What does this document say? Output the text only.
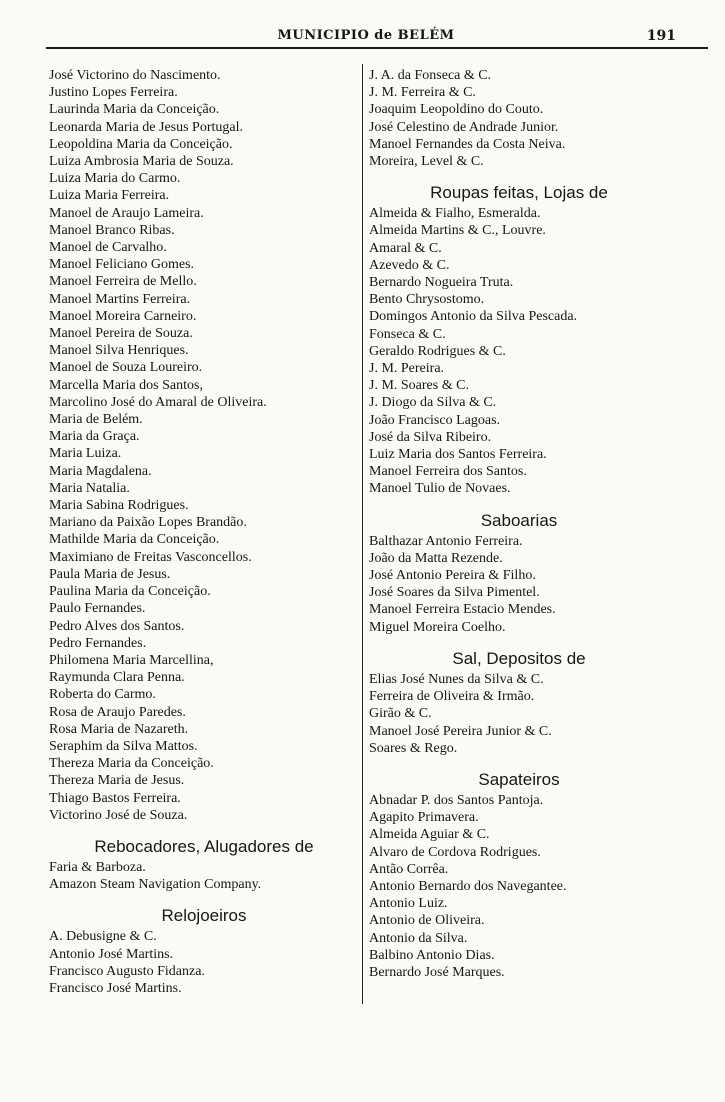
MUNICIPIO de BELÉM	191
José Victorino do Nascimento.
Justino Lopes Ferreira.
Laurinda Maria da Conceição.
Leonarda Maria de Jesus Portugal.
Leopoldina Maria da Conceição.
Luiza Ambrosia Maria de Souza.
Luiza Maria do Carmo.
Luiza Maria Ferreira.
Manoel de Araujo Lameira.
Manoel Branco Ribas.
Manoel de Carvalho.
Manoel Feliciano Gomes.
Manoel Ferreira de Mello.
Manoel Martins Ferreira.
Manoel Moreira Carneiro.
Manoel Pereira de Souza.
Manoel Silva Henriques.
Manoel de Souza Loureiro.
Marcella Maria dos Santos,
Marcolino José do Amaral de Oliveira.
Maria de Belém.
Maria da Graça.
Maria Luiza.
Maria Magdalena.
Maria Natalia.
Maria Sabina Rodrigues.
Mariano da Paixão Lopes Brandão.
Mathilde Maria da Conceição.
Maximiano de Freitas Vasconcellos.
Paula Maria de Jesus.
Paulina Maria da Conceição.
Paulo Fernandes.
Pedro Alves dos Santos.
Pedro Fernandes.
Philomena Maria Marcellina,
Raymunda Clara Penna.
Roberta do Carmo.
Rosa de Araujo Paredes.
Rosa Maria de Nazareth.
Seraphim da Silva Mattos.
Thereza Maria da Conceição.
Thereza Maria de Jesus.
Thiago Bastos Ferreira.
Victorino José de Souza.
Rebocadores, Alugadores de
Faria & Barboza.
Amazon Steam Navigation Company.
Relojoeiros
A. Debusigne & C.
Antonio José Martins.
Francisco Augusto Fidanza.
Francisco José Martins.
J. A. da Fonseca & C.
J. M. Ferreira & C.
Joaquim Leopoldino do Couto.
José Celestino de Andrade Junior.
Manoel Fernandes da Costa Neiva.
Moreira, Level & C.
Roupas feitas, Lojas de
Almeida & Fialho, Esmeralda.
Almeida Martins & C., Louvre.
Amaral & C.
Azevedo & C.
Bernardo Nogueira Truta.
Bento Chrysostomo.
Domingos Antonio da Silva Pescada.
Fonseca & C.
Geraldo Rodrigues & C.
J. M. Pereira.
J. M. Soares & C.
J. Diogo da Silva & C.
João Francisco Lagoas.
José da Silva Ribeiro.
Luiz Maria dos Santos Ferreira.
Manoel Ferreira dos Santos.
Manoel Tulio de Novaes.
Saboarias
Balthazar Antonio Ferreira.
João da Matta Rezende.
José Antonio Pereira & Filho.
José Soares da Silva Pimentel.
Manoel Ferreira Estacio Mendes.
Miguel Moreira Coelho.
Sal, Depositos de
Elias José Nunes da Silva & C.
Ferreira de Oliveira & Irmão.
Girão & C.
Manoel José Pereira Junior & C.
Soares & Rego.
Sapateiros
Abnadar P. dos Santos Pantoja.
Agapito Primavera.
Almeida Aguiar & C.
Alvaro de Cordova Rodrigues.
Antão Corrêa.
Antonio Bernardo dos Navegantee.
Antonio Luiz.
Antonio de Oliveira.
Antonio da Silva.
Balbino Antonio Dias.
Bernardo José Marques.
